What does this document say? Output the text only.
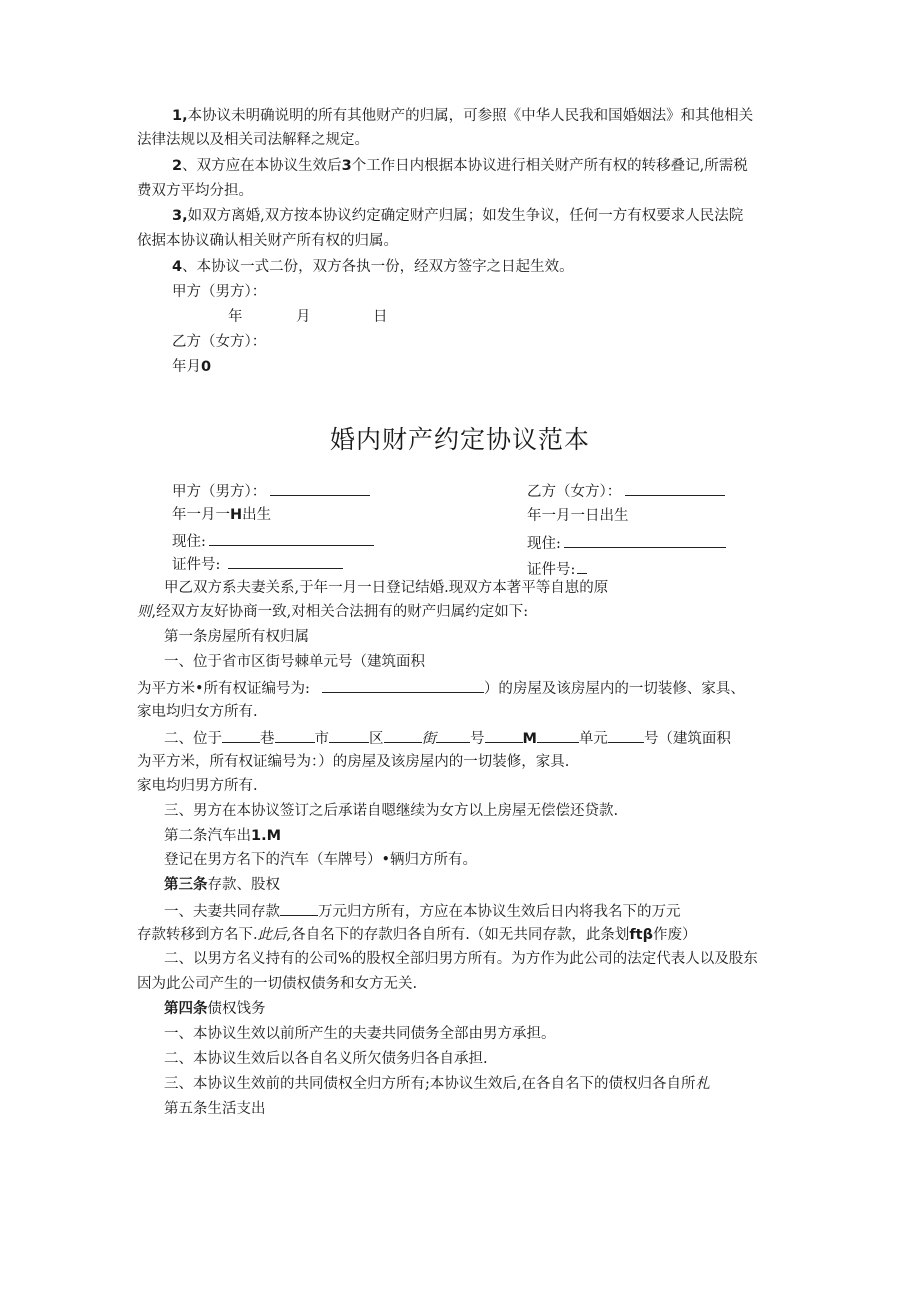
1,本协议未明确说明的所有其他财产的归属，可参照《中华人民我和国婚姻法》和其他相关
法律法规以及相关司法解释之规定。
2、双方应在本协议生效后3个工作日内根据本协议进行相关财产所有权的转移叠记,所需税
费双方平均分担。
3,如双方离婚,双方按本协议约定确定财产归属；如发生争议，任何一方有权要求人民法院
依据本协议确认相关财产所有权的归属。
4、本协议一式二份，双方各执一份，经双方签字之日起生效。
甲方（男方）：
年	月	日
乙方（女方）：
年月0
婚内财产约定协议范本
甲方（男方）：	乙方（女方）：
年一月一H出生	年一月一日出生
现住:	现住:
证件号:	证件号:
甲乙双方系夫妻关系,于年一月一日登记结婚.现双方本著平等自崽的原
则,经双方友好协商一致,对相关合法拥有的财产归属约定如下:
第一条房屋所有权归属
一、位于省市区街号棘单元号（建筑面积
为平方米•所有权证编号为:	）的房屋及该房屋内的一切装修、家具、
家电均归女方所有.
二、位于	巷	市	区	街 号	M	单元 号（建筑面积
为平方米，所有权证编号为：）的房屋及该房屋内的一切装修，家具.
家电均归男方所有.
三、男方在本协议签订之后承诺自嗯继续为女方以上房屋无偿偿还贷款.
第二条汽车出1.M
登记在男方名下的汽车（车牌号）•辆归方所有。
第三条存款、股权
一、夫妻共同存款	万元归方所有，方应在本协议生效后日内将我名下的万元
存款转移到方名下.此后,各自名下的存款归各自所有.（如无共同存款，此条划ftβ作废）
二、以男方名义持有的公司%的股权全部归男方所有。为方作为此公司的法定代表人以及股东
因为此公司产生的一切债权债务和女方无关.
第四条债权饯务
一、本协议生效以前所产生的夫妻共同债务全部由男方承担。
二、本协议生效后以各自名义所欠债务归各自承担.
三、本协议生效前的共同债权全归方所有;本协议生效后,在各自名下的债权归各自所札
第五条生活支出
